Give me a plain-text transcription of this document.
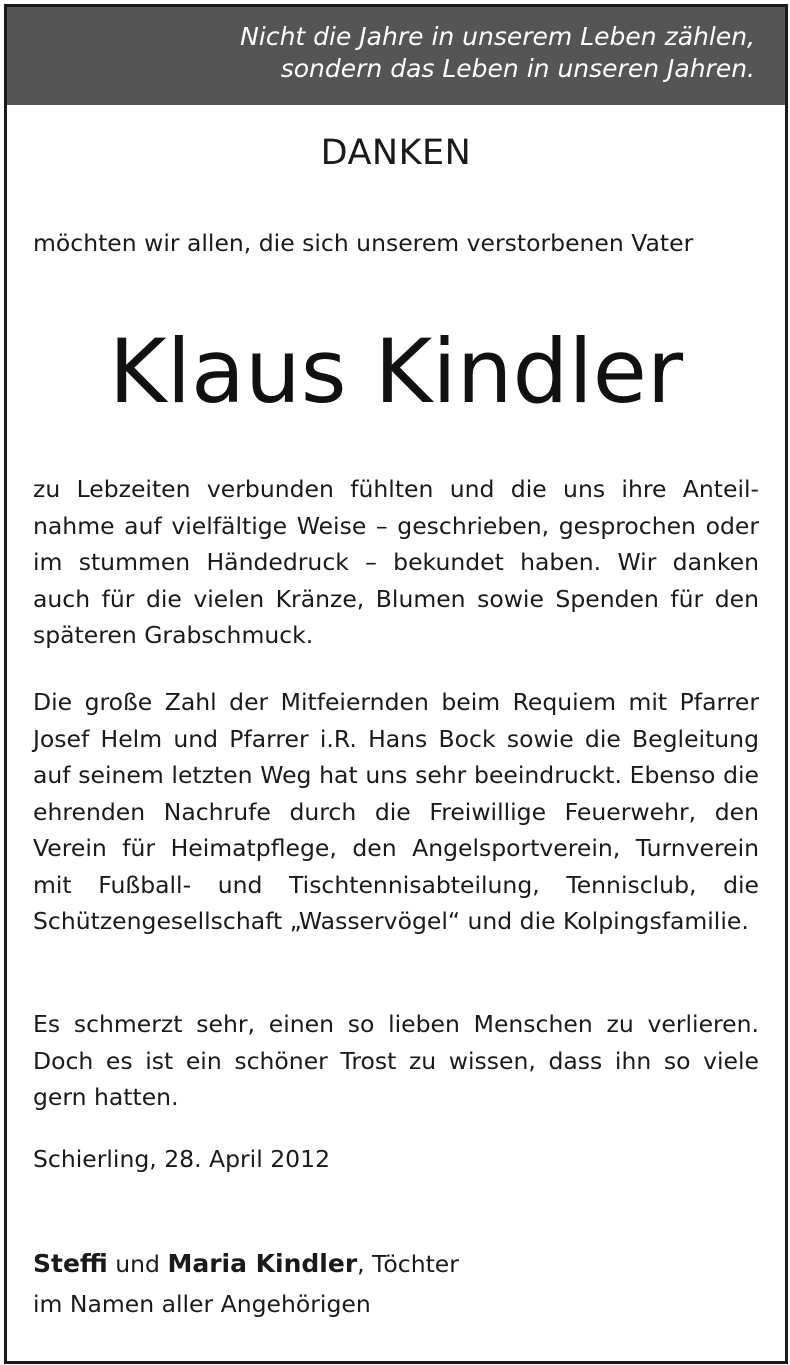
Nicht die Jahre in unserem Leben zählen,
sondern das Leben in unseren Jahren.
DANKEN
möchten wir allen, die sich unserem verstorbenen Vater
Klaus Kindler

zu Lebzeiten verbunden fühlten und die uns ihre Anteilnahme auf vielfältige Weise – geschrieben, gesprochen oder im stummen Händedruck – bekundet haben. Wir danken auch für die vielen Kränze, Blumen sowie Spenden für den späteren Grabschmuck.

Die große Zahl der Mitfeiernden beim Requiem mit Pfarrer Josef Helm und Pfarrer i.R. Hans Bock sowie die Begleitung auf seinem letzten Weg hat uns sehr beeindruckt. Ebenso die ehrenden Nachrufe durch die Freiwillige Feuerwehr, den Verein für Heimatpflege, den Angelsportverein, Turnverein mit Fußball- und Tischtennisabteilung, Tennisclub, die Schützengesellschaft „Wasservögel“ und die Kolpingsfamilie.

Es schmerzt sehr, einen so lieben Menschen zu verlieren. Doch es ist ein schöner Trost zu wissen, dass ihn so viele gern hatten.

Schierling, 28. April 2012
Steffi und Maria Kindler, Töchter
im Namen aller Angehörigen
